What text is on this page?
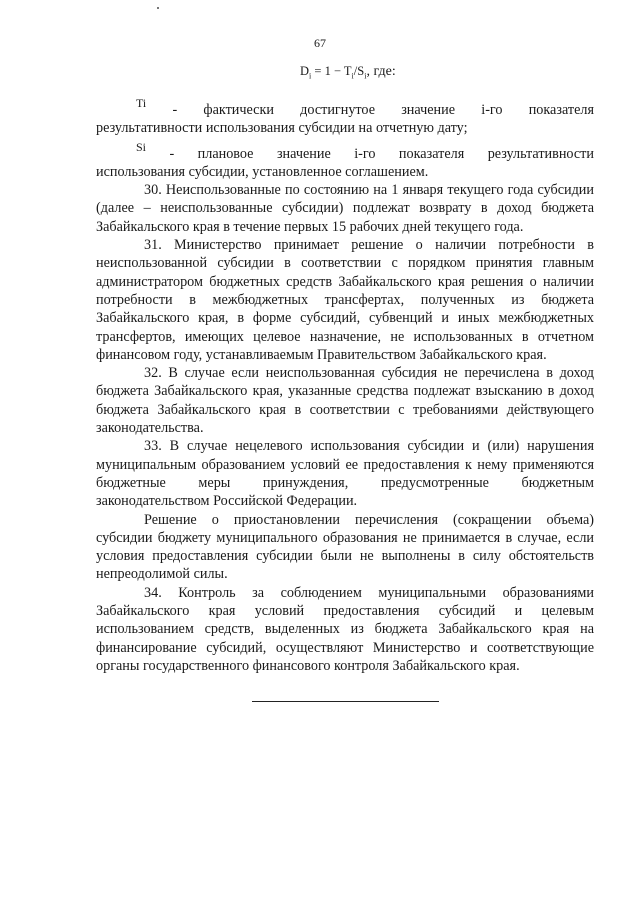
67
$D_i = 1 - T_i/S_i$, где:
Ti - фактически достигнутое значение i-го показателя
результативности использования субсидии на отчетную дату;
Si - плановое значение i-го показателя результативности
использования субсидии, установленное соглашением.

30. Неиспользованные по состоянию на 1 января текущего года субсидии (далее – неиспользованные субсидии) подлежат возврату в доход бюджета Забайкальского края в течение первых 15 рабочих дней текущего года.

31. Министерство принимает решение о наличии потребности в неиспользованной субсидии в соответствии с порядком принятия главным администратором бюджетных средств Забайкальского края решения о наличии потребности в межбюджетных трансфертах, полученных из бюджета Забайкальского края, в форме субсидий, субвенций и иных межбюджетных трансфертов, имеющих целевое назначение, не использованных в отчетном финансовом году, устанавливаемым Правительством Забайкальского края.

32. В случае если неиспользованная субсидия не перечислена в доход бюджета Забайкальского края, указанные средства подлежат взысканию в доход бюджета Забайкальского края в соответствии с требованиями действующего законодательства.

33. В случае нецелевого использования субсидии и (или) нарушения муниципальным образованием условий ее предоставления к нему применяются бюджетные меры принуждения, предусмотренные бюджетным законодательством Российской Федерации.

Решение о приостановлении перечисления (сокращении объема) субсидии бюджету муниципального образования не принимается в случае, если условия предоставления субсидии были не выполнены в силу обстоятельств непреодолимой силы.

34. Контроль за соблюдением муниципальными образованиями Забайкальского края условий предоставления субсидий и целевым использованием средств, выделенных из бюджета Забайкальского края на финансирование субсидий, осуществляют Министерство и соответствующие органы государственного финансового контроля Забайкальского края.
